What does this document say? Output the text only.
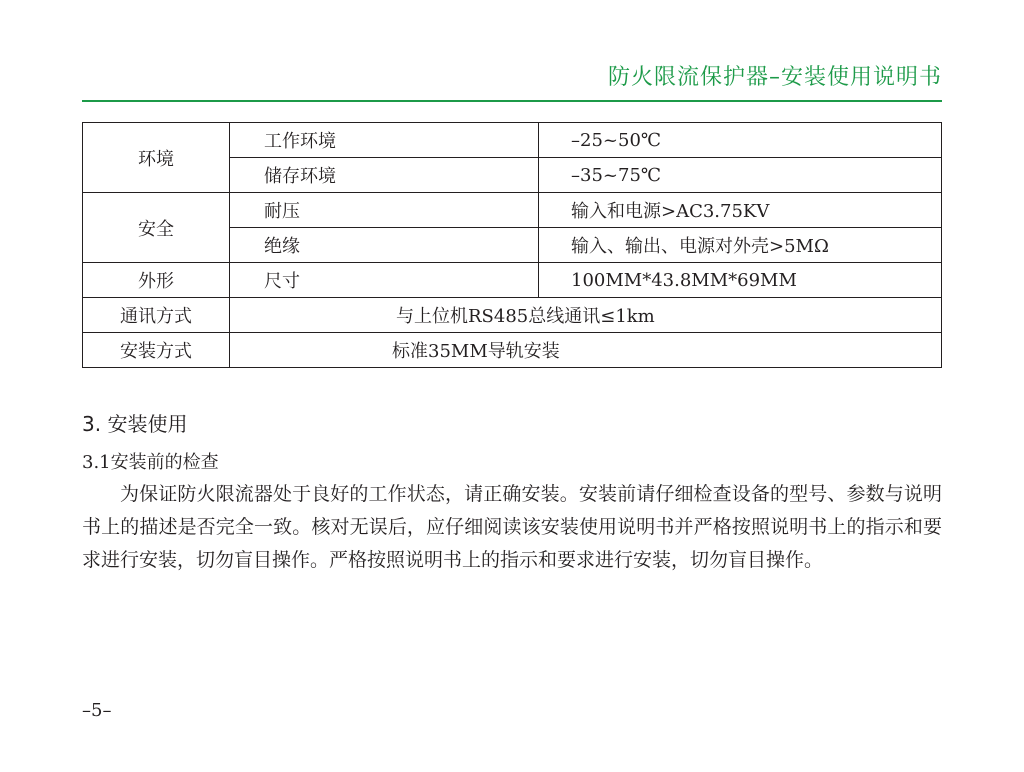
防火限流保护器–安装使用说明书
环境	工作环境	–25~50℃
	储存环境	–35~75℃
安全	耐压	输入和电源>AC3.75KV
	绝缘	输入、输出、电源对外壳>5MΩ
外形	尺寸	100MM*43.8MM*69MM
通讯方式	与上位机RS485总线通讯≤1km	
安装方式	标准35MM导轨安装	
3. 安装使用
3.1安装前的检查

为保证防火限流器处于良好的工作状态，请正确安装。安装前请仔细检查设备的型号、参数与说明书上的描述是否完全一致。核对无误后，应仔细阅读该安装使用说明书并严格按照说明书上的指示和要求进行安装，切勿盲目操作。严格按照说明书上的指示和要求进行安装，切勿盲目操作。

–5–
